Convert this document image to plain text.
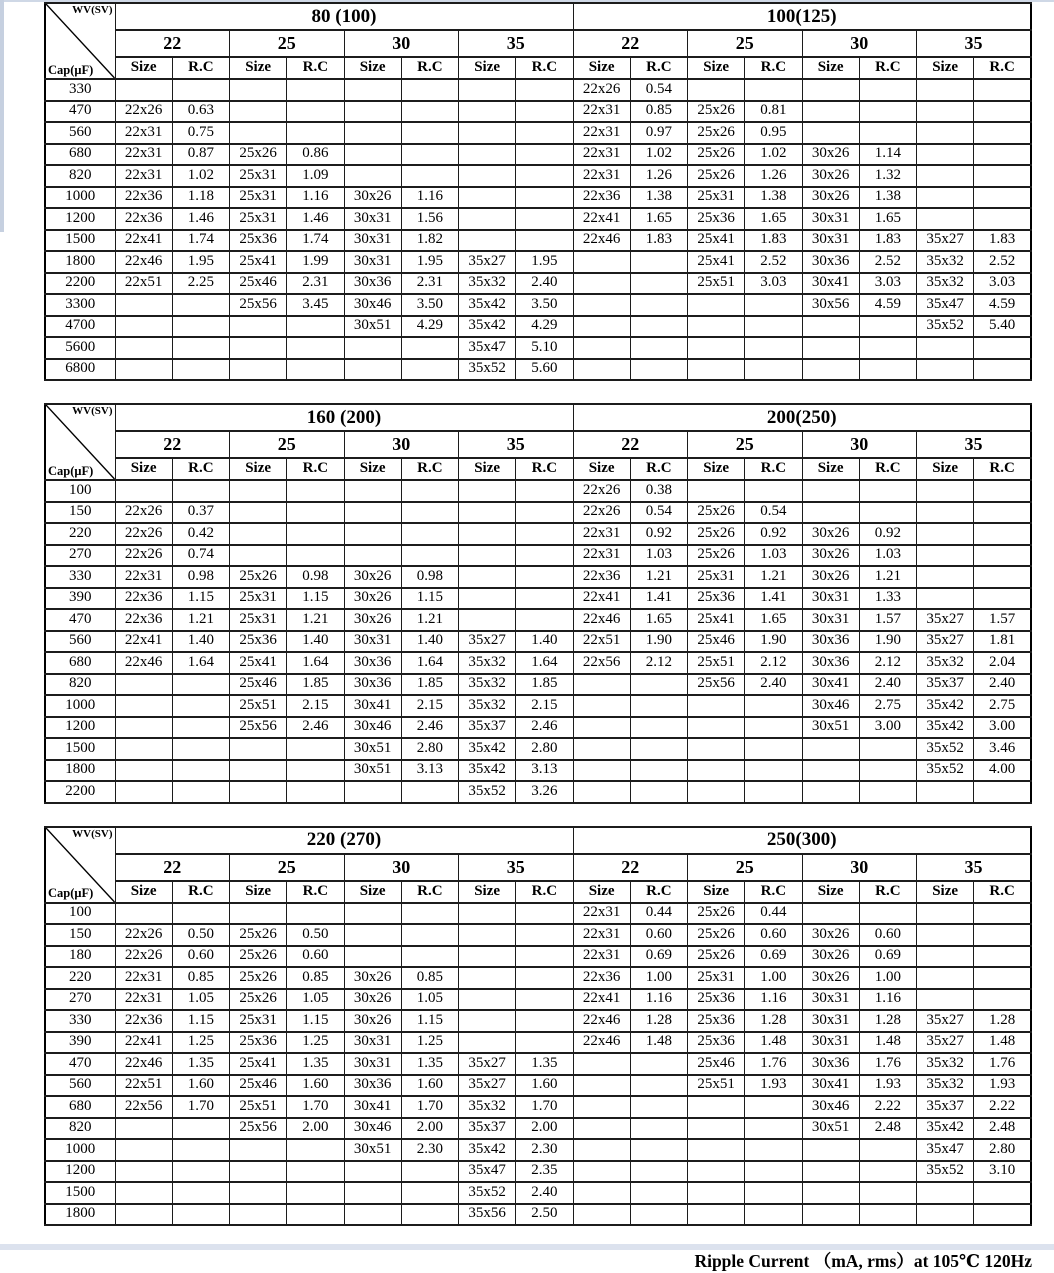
WV(SV)
Cap(μF)	80 (100)								100(125)							
	22		25		30		35		22		25		30		35	
	Size	R.C	Size	R.C	Size	R.C	Size	R.C	Size	R.C	Size	R.C	Size	R.C	Size	R.C
330									22x26	0.54						
470	22x26	0.63							22x31	0.85	25x26	0.81				
560	22x31	0.75							22x31	0.97	25x26	0.95				
680	22x31	0.87	25x26	0.86					22x31	1.02	25x26	1.02	30x26	1.14		
820	22x31	1.02	25x31	1.09					22x31	1.26	25x26	1.26	30x26	1.32		
1000	22x36	1.18	25x31	1.16	30x26	1.16			22x36	1.38	25x31	1.38	30x26	1.38		
1200	22x36	1.46	25x31	1.46	30x31	1.56			22x41	1.65	25x36	1.65	30x31	1.65		
1500	22x41	1.74	25x36	1.74	30x31	1.82			22x46	1.83	25x41	1.83	30x31	1.83	35x27	1.83
1800	22x46	1.95	25x41	1.99	30x31	1.95	35x27	1.95			25x41	2.52	30x36	2.52	35x32	2.52
2200	22x51	2.25	25x46	2.31	30x36	2.31	35x32	2.40			25x51	3.03	30x41	3.03	35x32	3.03
3300			25x56	3.45	30x46	3.50	35x42	3.50					30x56	4.59	35x47	4.59
4700					30x51	4.29	35x42	4.29							35x52	5.40
5600							35x47	5.10								
6800							35x52	5.60								
WV(SV)
Cap(μF)	160 (200)								200(250)							
	22		25		30		35		22		25		30		35	
	Size	R.C	Size	R.C	Size	R.C	Size	R.C	Size	R.C	Size	R.C	Size	R.C	Size	R.C
100									22x26	0.38						
150	22x26	0.37							22x26	0.54	25x26	0.54				
220	22x26	0.42							22x31	0.92	25x26	0.92	30x26	0.92		
270	22x26	0.74							22x31	1.03	25x26	1.03	30x26	1.03		
330	22x31	0.98	25x26	0.98	30x26	0.98			22x36	1.21	25x31	1.21	30x26	1.21		
390	22x36	1.15	25x31	1.15	30x26	1.15			22x41	1.41	25x36	1.41	30x31	1.33		
470	22x36	1.21	25x31	1.21	30x26	1.21			22x46	1.65	25x41	1.65	30x31	1.57	35x27	1.57
560	22x41	1.40	25x36	1.40	30x31	1.40	35x27	1.40	22x51	1.90	25x46	1.90	30x36	1.90	35x27	1.81
680	22x46	1.64	25x41	1.64	30x36	1.64	35x32	1.64	22x56	2.12	25x51	2.12	30x36	2.12	35x32	2.04
820			25x46	1.85	30x36	1.85	35x32	1.85			25x56	2.40	30x41	2.40	35x37	2.40
1000			25x51	2.15	30x41	2.15	35x32	2.15					30x46	2.75	35x42	2.75
1200			25x56	2.46	30x46	2.46	35x37	2.46					30x51	3.00	35x42	3.00
1500					30x51	2.80	35x42	2.80							35x52	3.46
1800					30x51	3.13	35x42	3.13							35x52	4.00
2200							35x52	3.26								
WV(SV)
Cap(μF)	220 (270)								250(300)							
	22		25		30		35		22		25		30		35	
	Size	R.C	Size	R.C	Size	R.C	Size	R.C	Size	R.C	Size	R.C	Size	R.C	Size	R.C
100									22x31	0.44	25x26	0.44				
150	22x26	0.50	25x26	0.50					22x31	0.60	25x26	0.60	30x26	0.60		
180	22x26	0.60	25x26	0.60					22x31	0.69	25x26	0.69	30x26	0.69		
220	22x31	0.85	25x26	0.85	30x26	0.85			22x36	1.00	25x31	1.00	30x26	1.00		
270	22x31	1.05	25x26	1.05	30x26	1.05			22x41	1.16	25x36	1.16	30x31	1.16		
330	22x36	1.15	25x31	1.15	30x26	1.15			22x46	1.28	25x36	1.28	30x31	1.28	35x27	1.28
390	22x41	1.25	25x36	1.25	30x31	1.25			22x46	1.48	25x36	1.48	30x31	1.48	35x27	1.48
470	22x46	1.35	25x41	1.35	30x31	1.35	35x27	1.35			25x46	1.76	30x36	1.76	35x32	1.76
560	22x51	1.60	25x46	1.60	30x36	1.60	35x27	1.60			25x51	1.93	30x41	1.93	35x32	1.93
680	22x56	1.70	25x51	1.70	30x41	1.70	35x32	1.70					30x46	2.22	35x37	2.22
820			25x56	2.00	30x46	2.00	35x37	2.00					30x51	2.48	35x42	2.48
1000					30x51	2.30	35x42	2.30							35x47	2.80
1200							35x47	2.35							35x52	3.10
1500							35x52	2.40								
1800							35x56	2.50								
Ripple Current （mA, rms）at 105℃ 120Hz
